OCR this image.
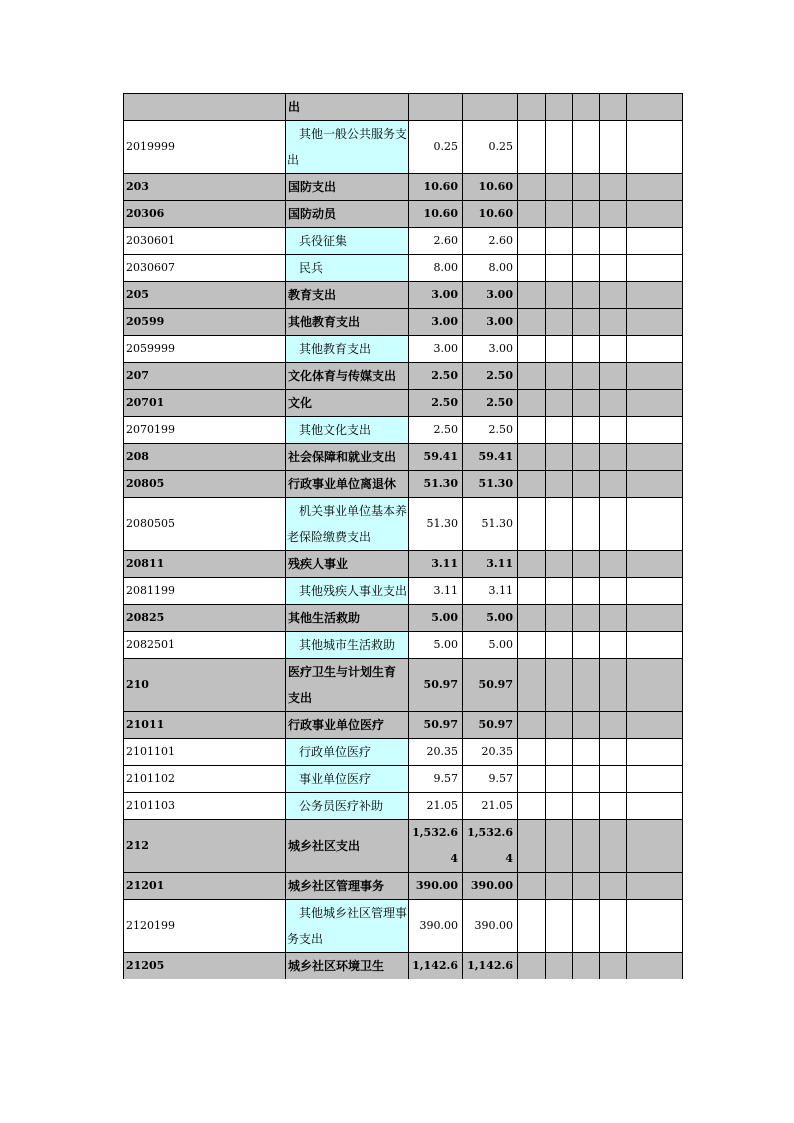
	出							
2019999	其他一般公共服务支出	0.25	0.25					
203	国防支出	10.60	10.60					
20306	国防动员	10.60	10.60					
2030601	兵役征集	2.60	2.60					
2030607	民兵	8.00	8.00					
205	教育支出	3.00	3.00					
20599	其他教育支出	3.00	3.00					
2059999	其他教育支出	3.00	3.00					
207	文化体育与传媒支出	2.50	2.50					
20701	文化	2.50	2.50					
2070199	其他文化支出	2.50	2.50					
208	社会保障和就业支出	59.41	59.41					
20805	行政事业单位离退休	51.30	51.30					
2080505	机关事业单位基本养老保险缴费支出	51.30	51.30					
20811	残疾人事业	3.11	3.11					
2081199	其他残疾人事业支出	3.11	3.11					
20825	其他生活救助	5.00	5.00					
2082501	其他城市生活救助	5.00	5.00					
210	医疗卫生与计划生育支出	50.97	50.97					
21011	行政事业单位医疗	50.97	50.97					
2101101	行政单位医疗	20.35	20.35					
2101102	事业单位医疗	9.57	9.57					
2101103	公务员医疗补助	21.05	21.05					
212	城乡社区支出	1,532.64	1,532.64					
21201	城乡社区管理事务	390.00	390.00					
2120199	其他城乡社区管理事务支出	390.00	390.00					
21205	城乡社区环境卫生	1,142.6	1,142.6					
